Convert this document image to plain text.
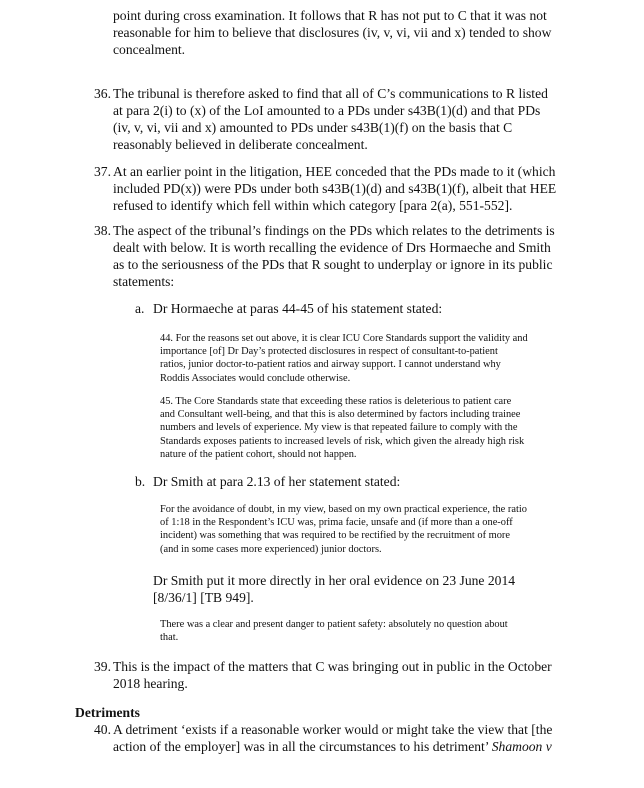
point during cross examination. It follows that R has not put to C that it was not
reasonable for him to believe that disclosures (iv, v, vi, vii and x) tended to show
concealment.
36. The tribunal is therefore asked to find that all of C’s communications to R listed
at para 2(i) to (x) of the LoI amounted to a PDs under s43B(1)(d) and that PDs
(iv, v, vi, vii and x) amounted to PDs under s43B(1)(f) on the basis that C
reasonably believed in deliberate concealment.
37. At an earlier point in the litigation, HEE conceded that the PDs made to it (which
included PD(x)) were PDs under both s43B(1)(d) and s43B(1)(f), albeit that HEE
refused to identify which fell within which category [para 2(a), 551-552].
38. The aspect of the tribunal’s findings on the PDs which relates to the detriments is
dealt with below. It is worth recalling the evidence of Drs Hormaeche and Smith
as to the seriousness of the PDs that R sought to underplay or ignore in its public
statements:
a. Dr Hormaeche at paras 44-45 of his statement stated:
44. For the reasons set out above, it is clear ICU Core Standards support the validity and
importance [of] Dr Day’s protected disclosures in respect of consultant-to-patient
ratios, junior doctor-to-patient ratios and airway support. I cannot understand why
Roddis Associates would conclude otherwise.
45. The Core Standards state that exceeding these ratios is deleterious to patient care
and Consultant well-being, and that this is also determined by factors including trainee
numbers and levels of experience. My view is that repeated failure to comply with the
Standards exposes patients to increased levels of risk, which given the already high risk
nature of the patient cohort, should not happen.
b. Dr Smith at para 2.13 of her statement stated:
For the avoidance of doubt, in my view, based on my own practical experience, the ratio
of 1:18 in the Respondent’s ICU was, prima facie, unsafe and (if more than a one-off
incident) was something that was required to be rectified by the recruitment of more
(and in some cases more experienced) junior doctors.
Dr Smith put it more directly in her oral evidence on 23 June 2014
[8/36/1] [TB 949].
There was a clear and present danger to patient safety: absolutely no question about
that.
39. This is the impact of the matters that C was bringing out in public in the October
2018 hearing.
Detriments
40. A detriment ‘exists if a reasonable worker would or might take the view that [the
action of the employer] was in all the circumstances to his detriment’ Shamoon v
